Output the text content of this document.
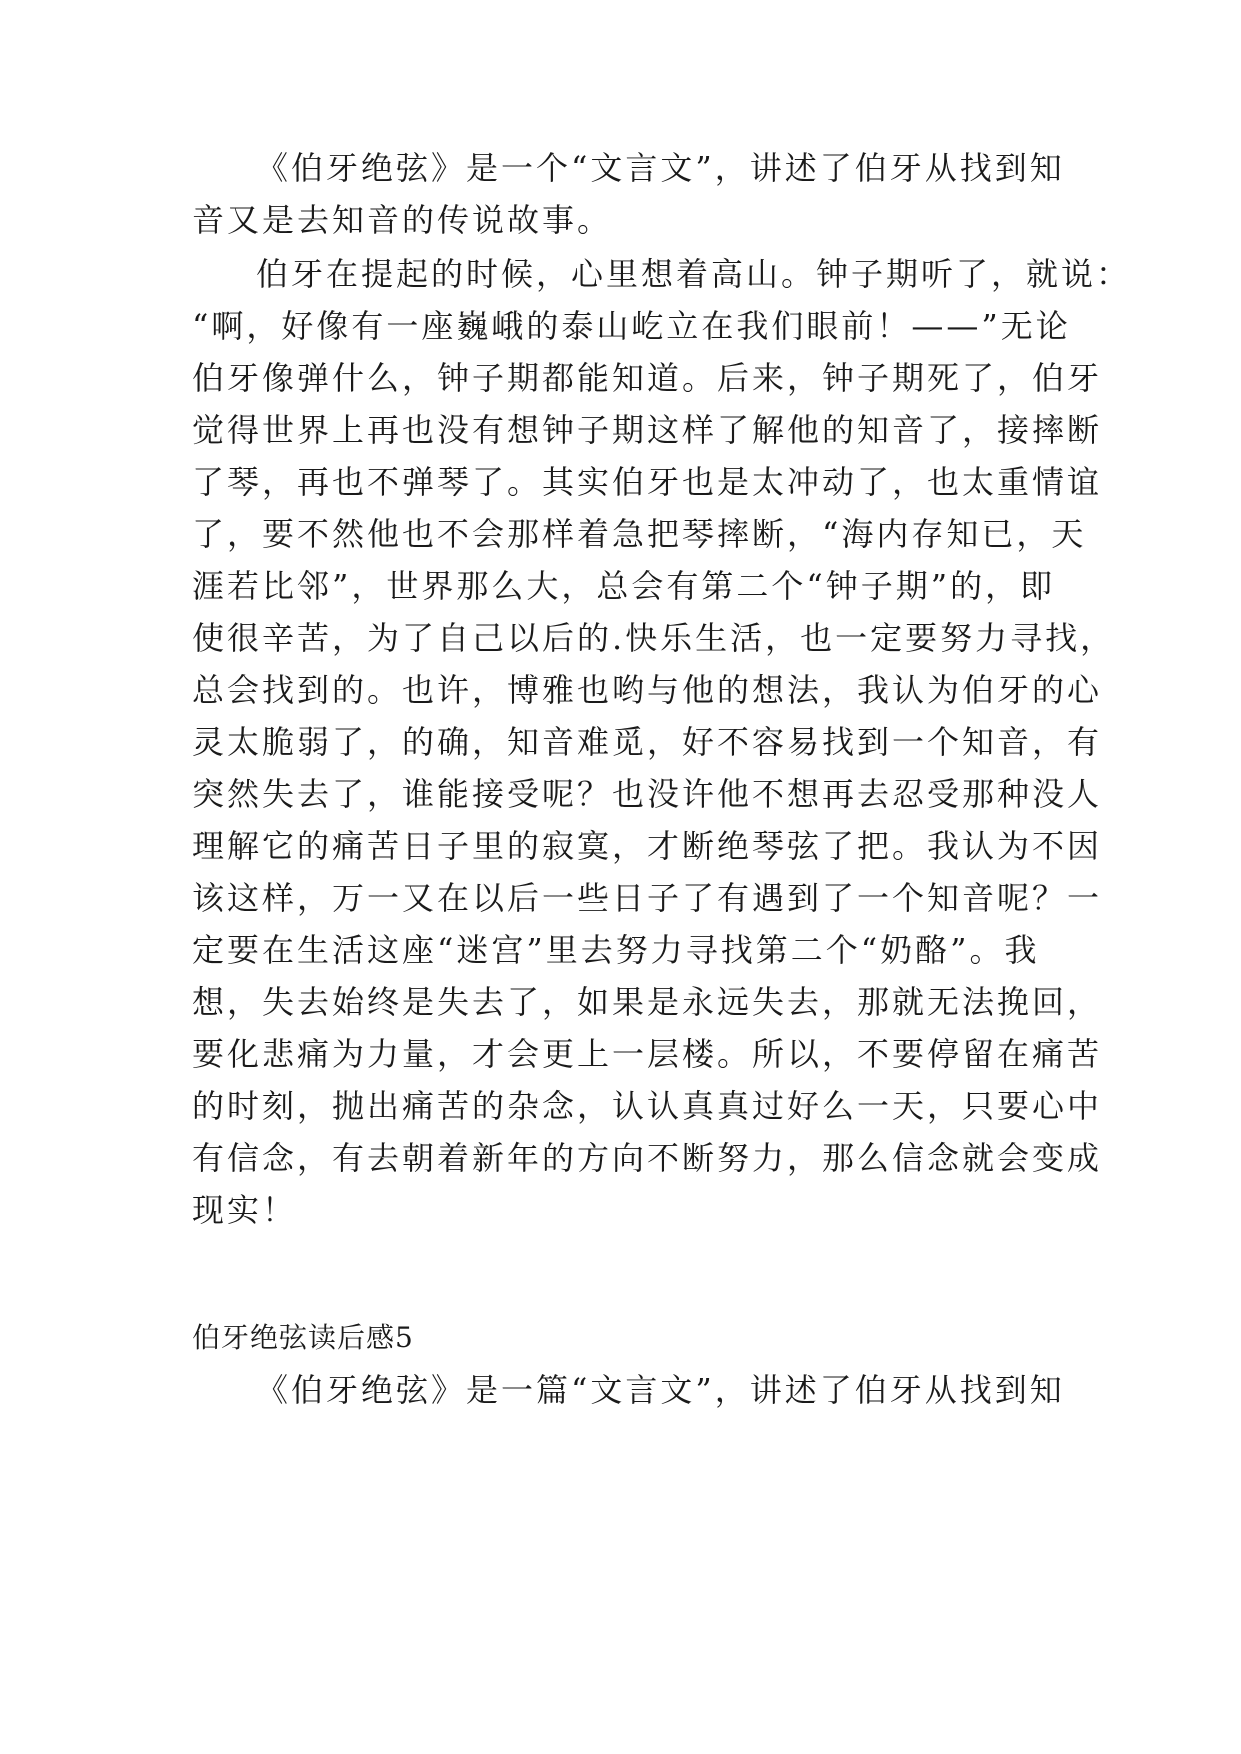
《伯牙绝弦》是一个“文言文”，讲述了伯牙从找到知
音又是去知音的传说故事。
伯牙在提起的时候，心里想着高山。钟子期听了，就说：
“啊，好像有一座巍峨的泰山屹立在我们眼前！——”无论
伯牙像弹什么，钟子期都能知道。后来，钟子期死了，伯牙
觉得世界上再也没有想钟子期这样了解他的知音了，接摔断
了琴，再也不弹琴了。其实伯牙也是太冲动了，也太重情谊
了，要不然他也不会那样着急把琴摔断，“海内存知已，天
涯若比邻”，世界那么大，总会有第二个“钟子期”的，即
使很辛苦，为了自己以后的.快乐生活，也一定要努力寻找，
总会找到的。也许，博雅也哟与他的想法，我认为伯牙的心
灵太脆弱了，的确，知音难觅，好不容易找到一个知音，有
突然失去了，谁能接受呢？也没许他不想再去忍受那种没人
理解它的痛苦日子里的寂寞，才断绝琴弦了把。我认为不因
该这样，万一又在以后一些日子了有遇到了一个知音呢？一
定要在生活这座“迷宫”里去努力寻找第二个“奶酪”。我
想，失去始终是失去了，如果是永远失去，那就无法挽回，
要化悲痛为力量，才会更上一层楼。所以，不要停留在痛苦
的时刻，抛出痛苦的杂念，认认真真过好么一天，只要心中
有信念，有去朝着新年的方向不断努力，那么信念就会变成
现实！
伯牙绝弦读后感5
《伯牙绝弦》是一篇“文言文”，讲述了伯牙从找到知
